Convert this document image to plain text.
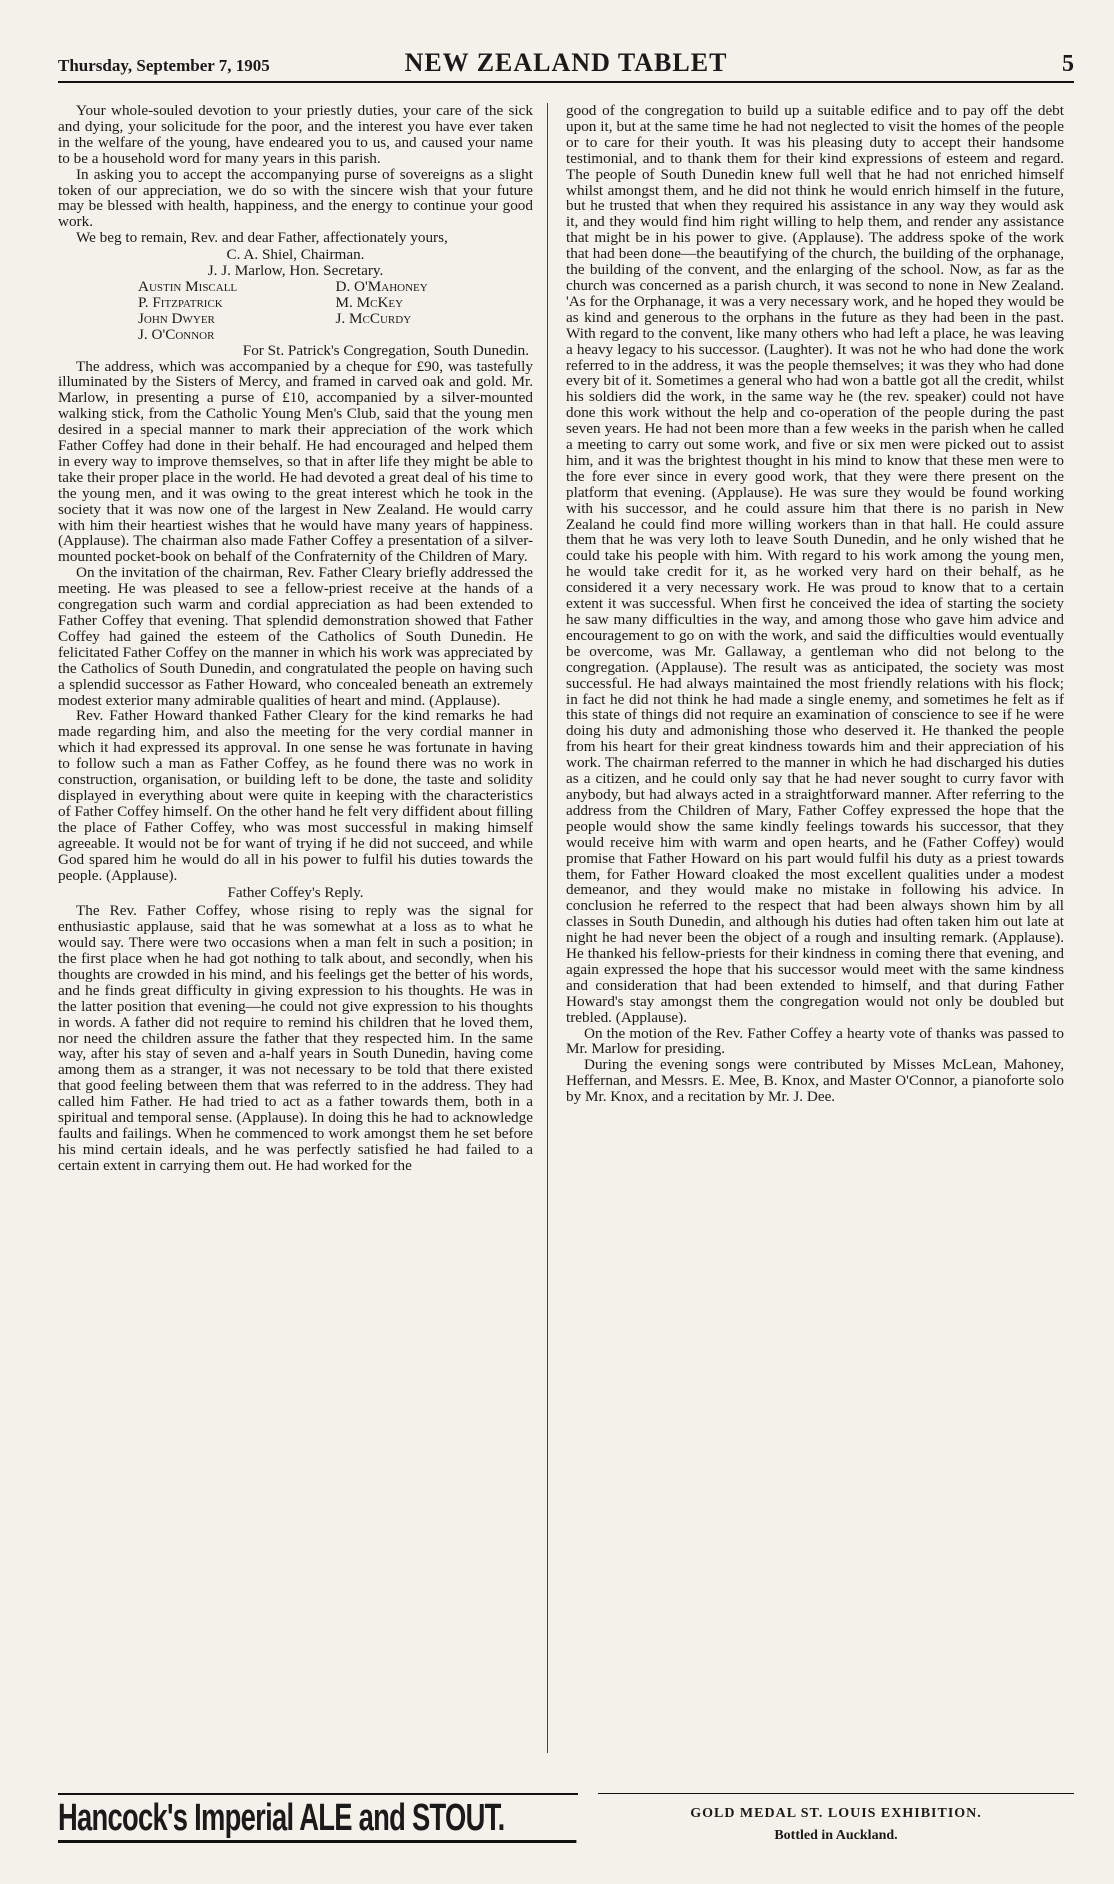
Thursday, September 7, 1905	NEW ZEALAND TABLET	5

Your whole-souled devotion to your priestly duties, your care of the sick and dying, your solicitude for the poor, and the interest you have ever taken in the welfare of the young, have endeared you to us, and caused your name to be a household word for many years in this parish.

In asking you to accept the accompanying purse of sovereigns as a slight token of our appreciation, we do so with the sincere wish that your future may be blessed with health, happiness, and the energy to continue your good work.

We beg to remain, Rev. and dear Father, affectionately yours,

C. A. Shiel, Chairman.
J. J. Marlow, Hon. Secretary.
Austin Miscall	D. O'Mahoney
P. Fitzpatrick	M. McKey
John Dwyer	J. McCurdy
J. O'Connor
For St. Patrick's Congregation, South Dunedin.

The address, which was accompanied by a cheque for £90, was tastefully illuminated by the Sisters of Mercy, and framed in carved oak and gold. Mr. Marlow, in presenting a purse of £10, accompanied by a silver-mounted walking stick, from the Catholic Young Men's Club, said that the young men desired in a special manner to mark their appreciation of the work which Father Coffey had done in their behalf. He had encouraged and helped them in every way to improve themselves, so that in after life they might be able to take their proper place in the world. He had devoted a great deal of his time to the young men, and it was owing to the great interest which he took in the society that it was now one of the largest in New Zealand. He would carry with him their heartiest wishes that he would have many years of happiness. (Applause). The chairman also made Father Coffey a presentation of a silver-mounted pocket-book on behalf of the Confraternity of the Children of Mary.

On the invitation of the chairman, Rev. Father Cleary briefly addressed the meeting. He was pleased to see a fellow-priest receive at the hands of a congregation such warm and cordial appreciation as had been extended to Father Coffey that evening. That splendid demonstration showed that Father Coffey had gained the esteem of the Catholics of South Dunedin. He felicitated Father Coffey on the manner in which his work was appreciated by the Catholics of South Dunedin, and congratulated the people on having such a splendid successor as Father Howard, who concealed beneath an extremely modest exterior many admirable qualities of heart and mind. (Applause).

Rev. Father Howard thanked Father Cleary for the kind remarks he had made regarding him, and also the meeting for the very cordial manner in which it had expressed its approval. In one sense he was fortunate in having to follow such a man as Father Coffey, as he found there was no work in construction, organisation, or building left to be done, the taste and solidity displayed in everything about were quite in keeping with the characteristics of Father Coffey himself. On the other hand he felt very diffident about filling the place of Father Coffey, who was most successful in making himself agreeable. It would not be for want of trying if he did not succeed, and while God spared him he would do all in his power to fulfil his duties towards the people. (Applause).

Father Coffey's Reply.

The Rev. Father Coffey, whose rising to reply was the signal for enthusiastic applause, said that he was somewhat at a loss as to what he would say. There were two occasions when a man felt in such a position; in the first place when he had got nothing to talk about, and secondly, when his thoughts are crowded in his mind, and his feelings get the better of his words, and he finds great difficulty in giving expression to his thoughts. He was in the latter position that evening—he could not give expression to his thoughts in words. A father did not require to remind his children that he loved them, nor need the children assure the father that they respected him. In the same way, after his stay of seven and a-half years in South Dunedin, having come among them as a stranger, it was not necessary to be told that there existed that good feeling between them that was referred to in the address. They had called him Father. He had tried to act as a father towards them, both in a spiritual and temporal sense. (Applause). In doing this he had to acknowledge faults and failings. When he commenced to work amongst them he set before his mind certain ideals, and he was perfectly satisfied he had failed to a certain extent in carrying them out. He had worked for the

good of the congregation to build up a suitable edifice and to pay off the debt upon it, but at the same time he had not neglected to visit the homes of the people or to care for their youth. It was his pleasing duty to accept their handsome testimonial, and to thank them for their kind expressions of esteem and regard. The people of South Dunedin knew full well that he had not enriched himself whilst amongst them, and he did not think he would enrich himself in the future, but he trusted that when they required his assistance in any way they would ask it, and they would find him right willing to help them, and render any assistance that might be in his power to give. (Applause). The address spoke of the work that had been done—the beautifying of the church, the building of the orphanage, the building of the convent, and the enlarging of the school. Now, as far as the church was concerned as a parish church, it was second to none in New Zealand. 'As for the Orphanage, it was a very necessary work, and he hoped they would be as kind and generous to the orphans in the future as they had been in the past. With regard to the convent, like many others who had left a place, he was leaving a heavy legacy to his successor. (Laughter). It was not he who had done the work referred to in the address, it was the people themselves; it was they who had done every bit of it. Sometimes a general who had won a battle got all the credit, whilst his soldiers did the work, in the same way he (the rev. speaker) could not have done this work without the help and co-operation of the people during the past seven years. He had not been more than a few weeks in the parish when he called a meeting to carry out some work, and five or six men were picked out to assist him, and it was the brightest thought in his mind to know that these men were to the fore ever since in every good work, that they were there present on the platform that evening. (Applause). He was sure they would be found working with his successor, and he could assure him that there is no parish in New Zealand he could find more willing workers than in that hall. He could assure them that he was very loth to leave South Dunedin, and he only wished that he could take his people with him. With regard to his work among the young men, he would take credit for it, as he worked very hard on their behalf, as he considered it a very necessary work. He was proud to know that to a certain extent it was successful. When first he conceived the idea of starting the society he saw many difficulties in the way, and among those who gave him advice and encouragement to go on with the work, and said the difficulties would eventually be overcome, was Mr. Gallaway, a gentleman who did not belong to the congregation. (Applause). The result was as anticipated, the society was most successful. He had always maintained the most friendly relations with his flock; in fact he did not think he had made a single enemy, and sometimes he felt as if this state of things did not require an examination of conscience to see if he were doing his duty and admonishing those who deserved it. He thanked the people from his heart for their great kindness towards him and their appreciation of his work. The chairman referred to the manner in which he had discharged his duties as a citizen, and he could only say that he had never sought to curry favor with anybody, but had always acted in a straightforward manner. After referring to the address from the Children of Mary, Father Coffey expressed the hope that the people would show the same kindly feelings towards his successor, that they would receive him with warm and open hearts, and he (Father Coffey) would promise that Father Howard on his part would fulfil his duty as a priest towards them, for Father Howard cloaked the most excellent qualities under a modest demeanor, and they would make no mistake in following his advice. In conclusion he referred to the respect that had been always shown him by all classes in South Dunedin, and although his duties had often taken him out late at night he had never been the object of a rough and insulting remark. (Applause). He thanked his fellow-priests for their kindness in coming there that evening, and again expressed the hope that his successor would meet with the same kindness and consideration that had been extended to himself, and that during Father Howard's stay amongst them the congregation would not only be doubled but trebled. (Applause).

On the motion of the Rev. Father Coffey a hearty vote of thanks was passed to Mr. Marlow for presiding.

During the evening songs were contributed by Misses McLean, Mahoney, Heffernan, and Messrs. E. Mee, B. Knox, and Master O'Connor, a pianoforte solo by Mr. Knox, and a recitation by Mr. J. Dee.

Hancock's Imperial ALE and STOUT.	GOLD MEDAL ST. LOUIS EXHIBITION.
Bottled in Auckland.
